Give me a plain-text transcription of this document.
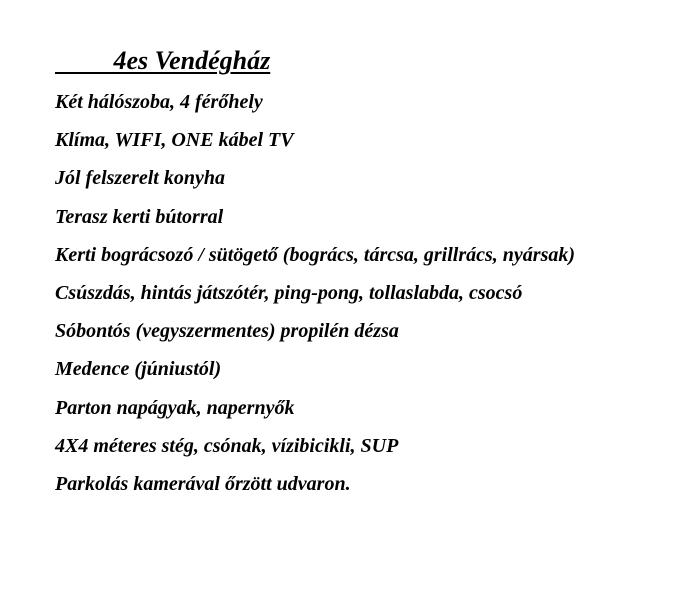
4es Vendégház
Két hálószoba, 4 férőhely
Klíma, WIFI, ONE kábel TV
Jól felszerelt konyha
Terasz kerti bútorral
Kerti bográcsozó / sütögető (bogrács, tárcsa, grillrács, nyársak)
Csúszdás, hintás játszótér, ping-pong, tollaslabda, csocsó
Sóbontós (vegyszermentes) propilén dézsa
Medence (júniustól)
Parton napágyak, napernyők
4X4 méteres stég, csónak, vízibicikli, SUP
Parkolás kamerával őrzött udvaron.
